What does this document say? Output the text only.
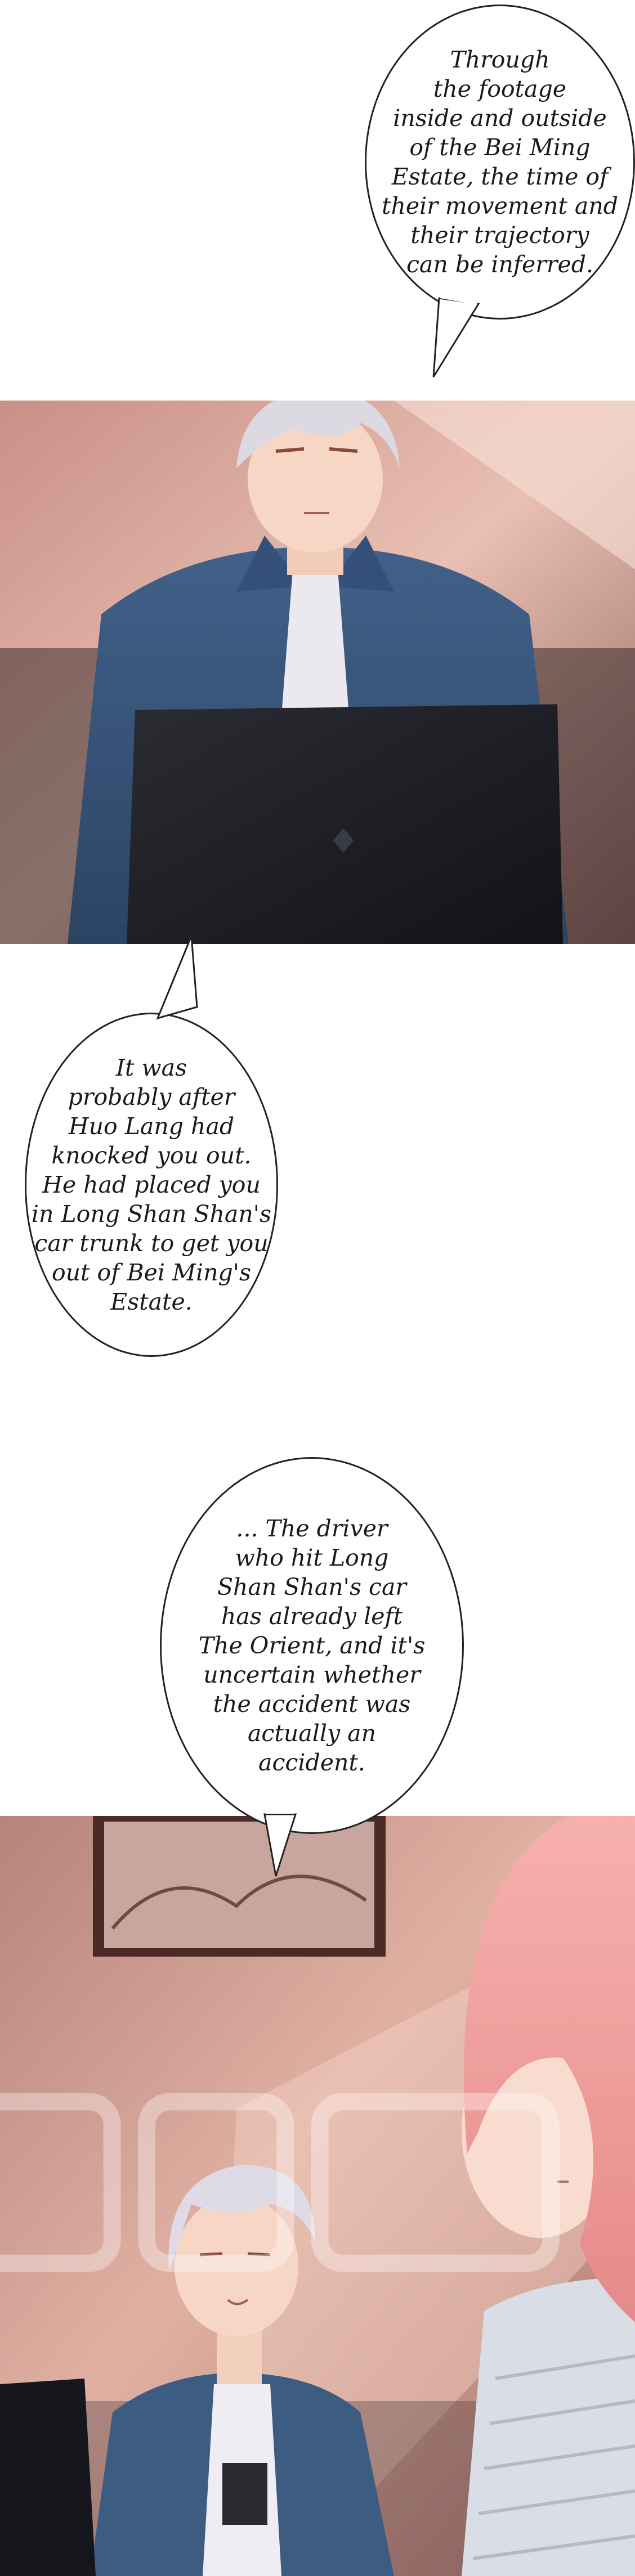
Through
the footage
inside and outside
of the Bei Ming
Estate, the time of
their movement and
their trajectory
can be inferred.
It was
probably after
Huo Lang had
knocked you out.
He had placed you
in Long Shan Shan's
car trunk to get you
out of Bei Ming's
Estate.
... The driver
who hit Long
Shan Shan's car
has already left
The Orient, and it's
uncertain whether
the accident was
actually an
accident.
